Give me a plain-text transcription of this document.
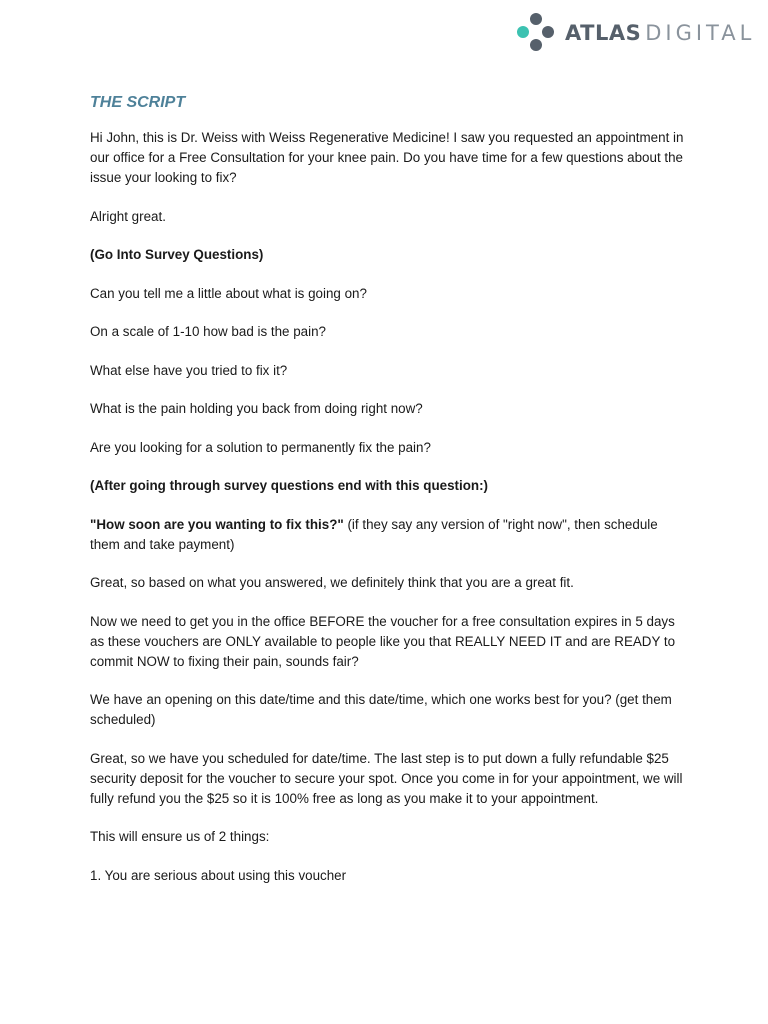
ATLAS DIGITAL
THE SCRIPT

Hi John, this is Dr. Weiss with Weiss Regenerative Medicine! I saw you requested an appointment in our office for a Free Consultation for your knee pain. Do you have time for a few questions about the issue your looking to fix?

Alright great.

(Go Into Survey Questions)

Can you tell me a little about what is going on?

On a scale of 1-10 how bad is the pain?

What else have you tried to fix it?

What is the pain holding you back from doing right now?

Are you looking for a solution to permanently fix the pain?

(After going through survey questions end with this question:)

"How soon are you wanting to fix this?" (if they say any version of "right now", then schedule them and take payment)

Great, so based on what you answered, we definitely think that you are a great fit.

Now we need to get you in the office BEFORE the voucher for a free consultation expires in 5 days as these vouchers are ONLY available to people like you that REALLY NEED IT and are READY to commit NOW to fixing their pain, sounds fair?

We have an opening on this date/time and this date/time, which one works best for you? (get them scheduled)

Great, so we have you scheduled for date/time. The last step is to put down a fully refundable $25 security deposit for the voucher to secure your spot. Once you come in for your appointment, we will fully refund you the $25 so it is 100% free as long as you make it to your appointment.

This will ensure us of 2 things:

1. You are serious about using this voucher
